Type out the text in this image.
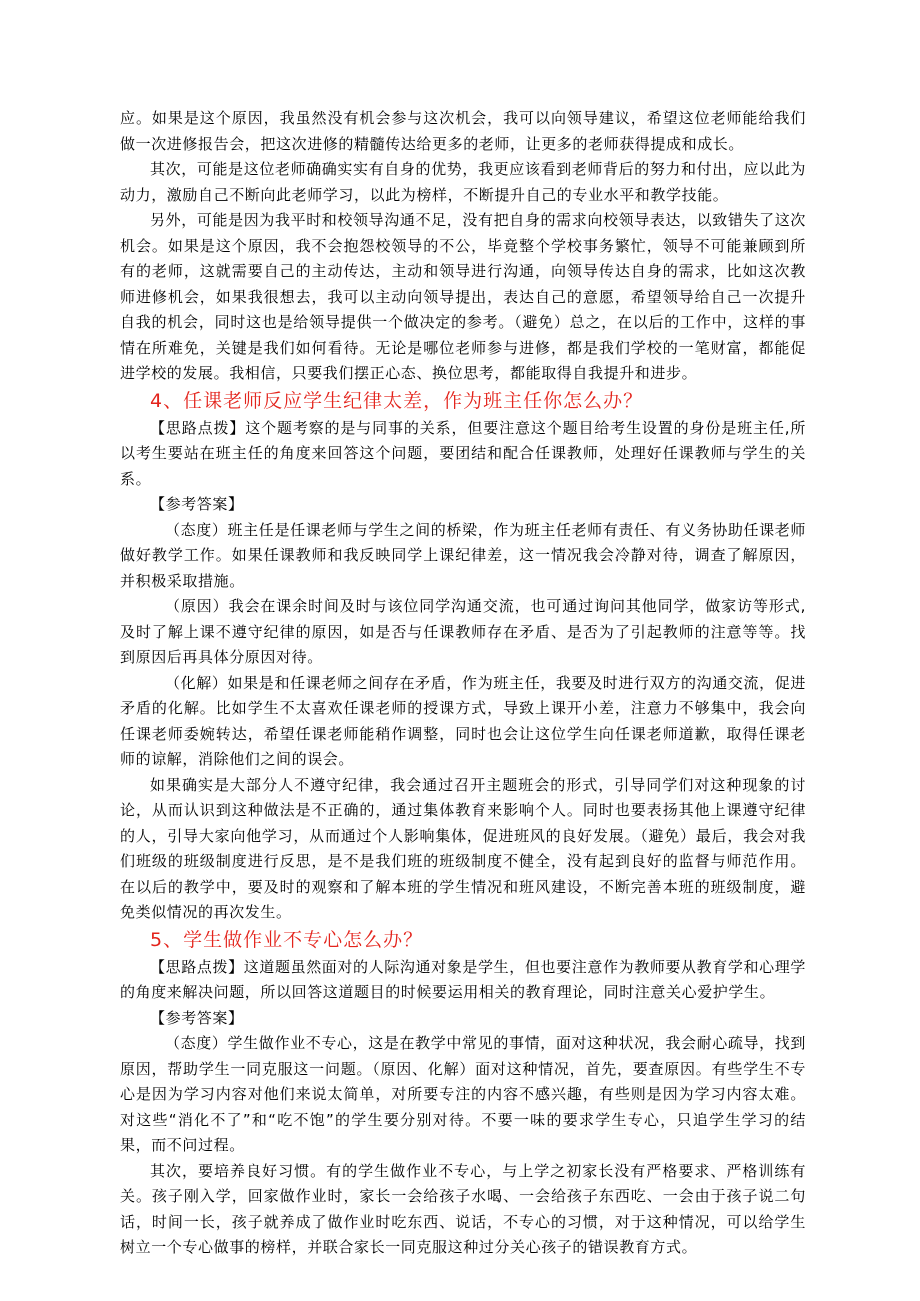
应。如果是这个原因，我虽然没有机会参与这次机会，我可以向领导建议，希望这位老师能给我们做一次进修报告会，把这次进修的精髓传达给更多的老师，让更多的老师获得提成和成长。

其次，可能是这位老师确确实实有自身的优势，我更应该看到老师背后的努力和付出，应以此为动力，激励自己不断向此老师学习，以此为榜样，不断提升自己的专业水平和教学技能。

另外，可能是因为我平时和校领导沟通不足，没有把自身的需求向校领导表达，以致错失了这次机会。如果是这个原因，我不会抱怨校领导的不公，毕竟整个学校事务繁忙，领导不可能兼顾到所有的老师，这就需要自己的主动传达，主动和领导进行沟通，向领导传达自身的需求，比如这次教师进修机会，如果我很想去，我可以主动向领导提出，表达自己的意愿，希望领导给自己一次提升自我的机会，同时这也是给领导提供一个做决定的参考。（避免）总之，在以后的工作中，这样的事情在所难免，关键是我们如何看待。无论是哪位老师参与进修，都是我们学校的一笔财富，都能促进学校的发展。我相信，只要我们摆正心态、换位思考，都能取得自我提升和进步。

4、任课老师反应学生纪律太差，作为班主任你怎么办？

【思路点拨】这个题考察的是与同事的关系，但要注意这个题目给考生设置的身份是班主任,所以考生要站在班主任的角度来回答这个问题，要团结和配合任课教师，处理好任课教师与学生的关系。

【参考答案】

（态度）班主任是任课老师与学生之间的桥梁，作为班主任老师有责任、有义务协助任课老师做好教学工作。如果任课教师和我反映同学上课纪律差，这一情况我会冷静对待，调查了解原因，并积极采取措施。

（原因）我会在课余时间及时与该位同学沟通交流，也可通过询问其他同学，做家访等形式,及时了解上课不遵守纪律的原因，如是否与任课教师存在矛盾、是否为了引起教师的注意等等。找到原因后再具体分原因对待。

（化解）如果是和任课老师之间存在矛盾，作为班主任，我要及时进行双方的沟通交流，促进矛盾的化解。比如学生不太喜欢任课老师的授课方式，导致上课开小差，注意力不够集中，我会向任课老师委婉转达，希望任课老师能稍作调整，同时也会让这位学生向任课老师道歉，取得任课老师的谅解，消除他们之间的误会。

如果确实是大部分人不遵守纪律，我会通过召开主题班会的形式，引导同学们对这种现象的讨论，从而认识到这种做法是不正确的，通过集体教育来影响个人。同时也要表扬其他上课遵守纪律的人，引导大家向他学习，从而通过个人影响集体，促进班风的良好发展。（避免）最后，我会对我们班级的班级制度进行反思，是不是我们班的班级制度不健全，没有起到良好的监督与师范作用。在以后的教学中，要及时的观察和了解本班的学生情况和班风建设，不断完善本班的班级制度，避免类似情况的再次发生。

5、学生做作业不专心怎么办？

【思路点拨】这道题虽然面对的人际沟通对象是学生，但也要注意作为教师要从教育学和心理学的角度来解决问题，所以回答这道题目的时候要运用相关的教育理论，同时注意关心爱护学生。

【参考答案】

（态度）学生做作业不专心，这是在教学中常见的事情，面对这种状况，我会耐心疏导，找到原因，帮助学生一同克服这一问题。（原因、化解）面对这种情况，首先，要查原因。有些学生不专心是因为学习内容对他们来说太简单，对所要专注的内容不感兴趣，有些则是因为学习内容太难。对这些“消化不了”和“吃不饱”的学生要分别对待。不要一味的要求学生专心，只追学生学习的结果，而不问过程。

其次，要培养良好习惯。有的学生做作业不专心，与上学之初家长没有严格要求、严格训练有关。孩子刚入学，回家做作业时，家长一会给孩子水喝、一会给孩子东西吃、一会由于孩子说二句话，时间一长，孩子就养成了做作业时吃东西、说话，不专心的习惯，对于这种情况，可以给学生树立一个专心做事的榜样，并联合家长一同克服这种过分关心孩子的错误教育方式。
